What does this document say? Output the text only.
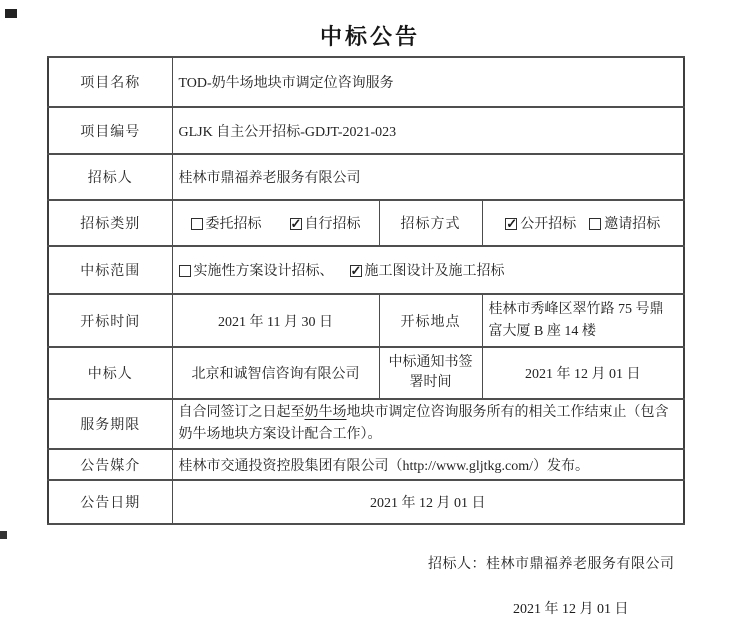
中标公告
项目名称	TOD-奶牛场地块市调定位咨询服务		
项目编号	GLJK 自主公开招标-GDJT-2021-023		
招标人	桂林市鼎福养老服务有限公司		
招标类别	委托招标 ✓ 自行招标	招标方式	✓公开招标 邀请招标
中标范围	实施性方案设计招标、 ✓ 施工图设计及施工招标
开标时间	2021 年 11 月 30 日	开标地点	桂林市秀峰区翠竹路 75 号鼎富大厦 B 座 14 楼
中标人	北京和诚智信咨询有限公司	中标通知书签署时间	2021 年 12 月 01 日
服务期限	自合同签订之日起至奶牛场地块市调定位咨询服务所有的相关工作结束止（包含奶牛场地块方案设计配合工作）。		
公告媒介	桂林市交通投资控股集团有限公司（http://www.gljtkg.com/）发布。		
公告日期	2021 年 12 月 01 日		
招标人：桂林市鼎福养老服务有限公司
2021 年 12 月 01 日
